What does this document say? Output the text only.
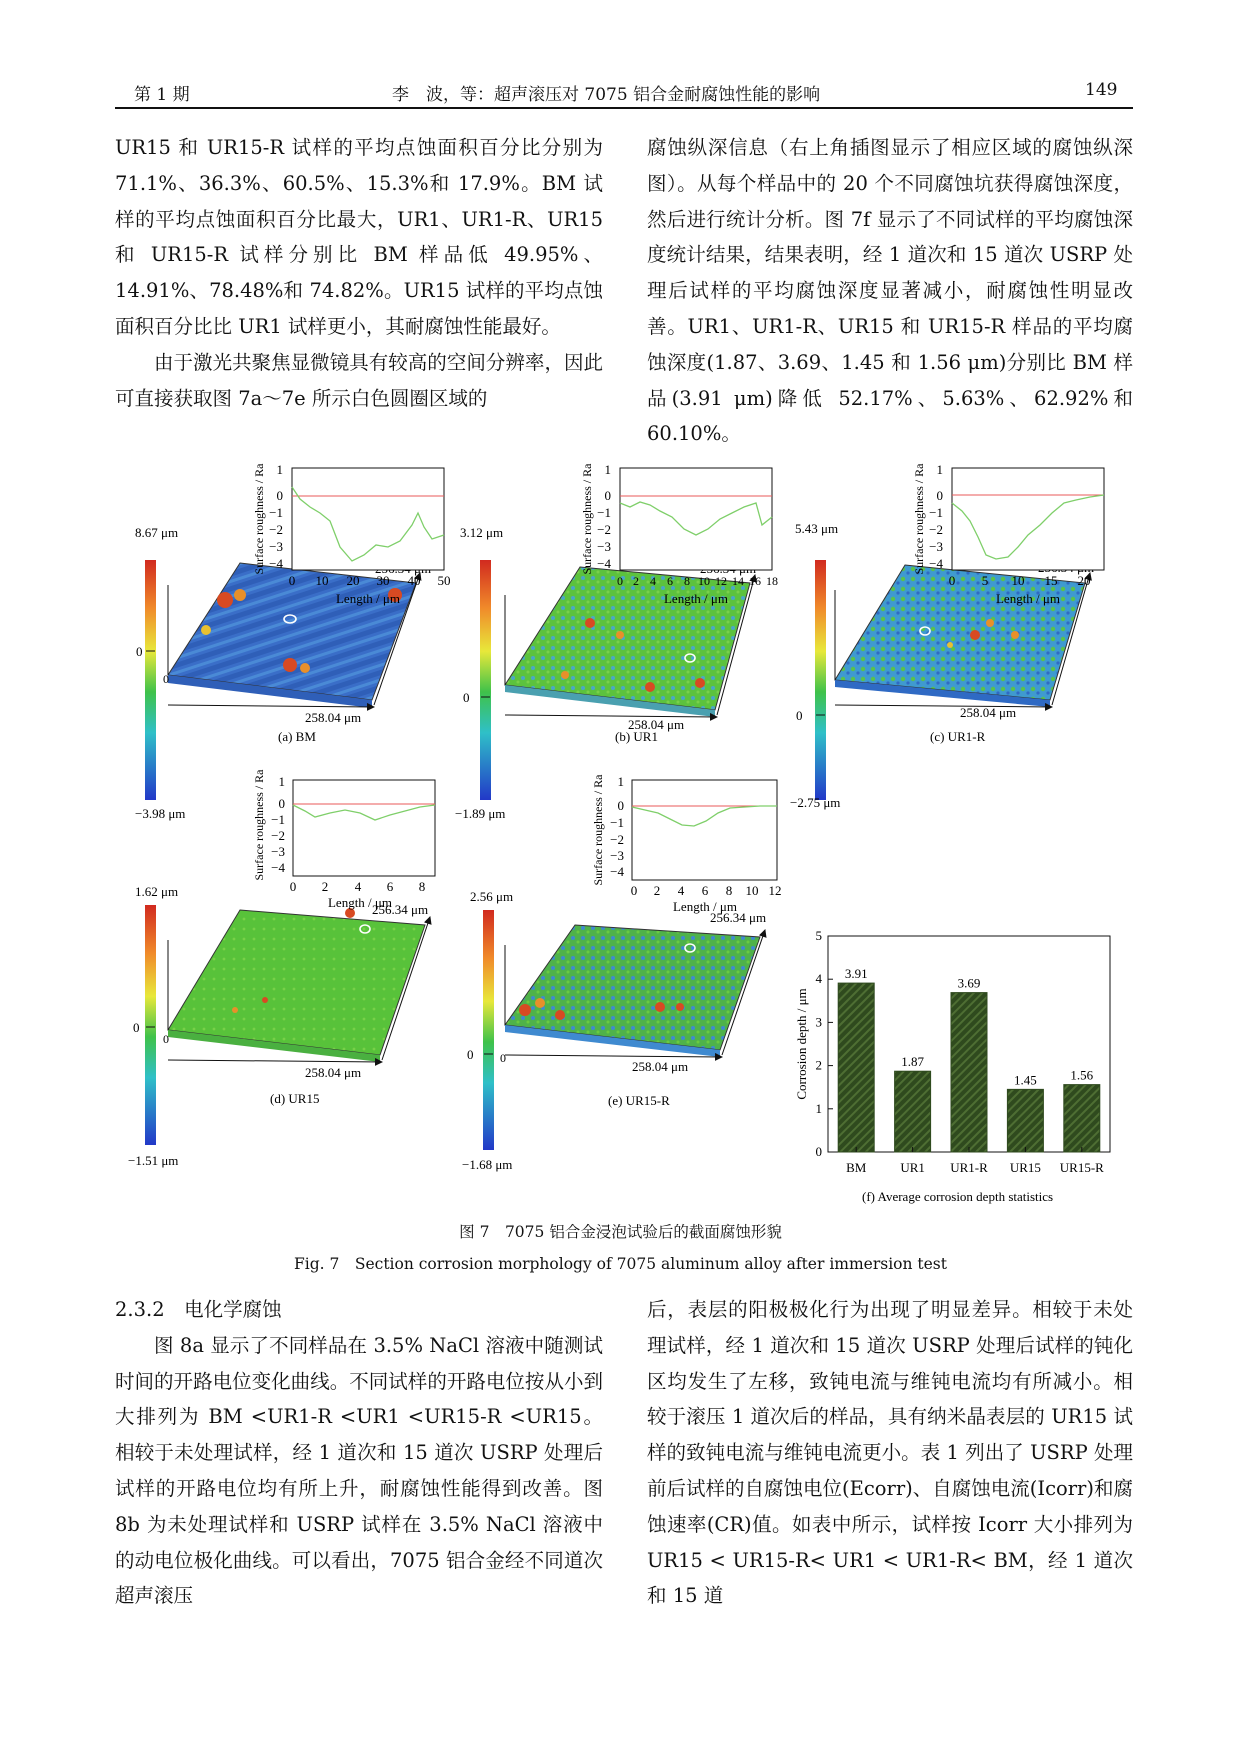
第 1 期	李　波，等：超声滚压对 7075 铝合金耐腐蚀性能的影响	149

UR15 和 UR15-R 试样的平均点蚀面积百分比分别为 71.1%、36.3%、60.5%、15.3%和 17.9%。BM 试样的平均点蚀面积百分比最大，UR1、UR1-R、UR15 和 UR15-R 试样分别比 BM 样品低 49.95%、14.91%、78.48%和 74.82%。UR15 试样的平均点蚀面积百分比比 UR1 试样更小，其耐腐蚀性能最好。

由于激光共聚焦显微镜具有较高的空间分辨率，因此可直接获取图 7a～7e 所示白色圆圈区域的

腐蚀纵深信息（右上角插图显示了相应区域的腐蚀纵深图）。从每个样品中的 20 个不同腐蚀坑获得腐蚀深度，然后进行统计分析。图 7f 显示了不同试样的平均腐蚀深度统计结果，结果表明，经 1 道次和 15 道次 USRP 处理后试样的平均腐蚀深度显著减小，耐腐蚀性明显改善。UR1、UR1-R、UR15 和 UR15-R 样品的平均腐蚀深度(1.87、3.69、1.45 和 1.56 μm)分别比 BM 样品(3.91 μm)降低 52.17%、5.63%、62.92%和 60.10%。

8.67 μm
−3.98 μm
0
0
258.04 μm
1
0
−1
−2
−3
−4
0 10 20 30 40 50
Length / μm
Surface roughness / Ra
(a) BM
3.12 μm
−1.89 μm
0
258.04 μm
1
0
−1
−2
−3
−4
0 2 4 6 8 10 12 14 16 18
Length / μm
Surface roughness / Ra
(b) UR1
5.43 μm
−2.75 μm
0	258.04 μm
1
0
−1
−2
−3
−4
0 5 10 15 20
Length / μm
Surface roughness / Ra
(c) UR1-R
1.62 μm
−1.51 μm
0
0
256.34 μm
258.04 μm
1
0
−1
−2
−3
−4
0 2 4 6 8
Length / μm
Surface roughness / Ra
(d) UR15
2.56 μm
−1.68 μm
0 0
256.34 μm
258.04 μm
1
0
−1
−2
−3
−4
0 2 4 6 8 10 12
Length / μm
Surface roughness / Ra
(e) UR15-R
0
1
2
3
4
5
3.91
1.87
3.69
1.45	1.56
BM	UR1 UR1-R UR15 UR15-R
Corrosion depth / μm
(f) Average corrosion depth statistics
图 7　7075 铝合金浸泡试验后的截面腐蚀形貌
Fig. 7　Section corrosion morphology of 7075 aluminum alloy after immersion test

2.3.2　电化学腐蚀

图 8a 显示了不同样品在 3.5% NaCl 溶液中随测试时间的开路电位变化曲线。不同试样的开路电位按从小到大排列为 BM <UR1-R <UR1 <UR15-R <UR15。相较于未处理试样，经 1 道次和 15 道次 USRP 处理后试样的开路电位均有所上升，耐腐蚀性能得到改善。图 8b 为未处理试样和 USRP 试样在 3.5% NaCl 溶液中的动电位极化曲线。可以看出，7075 铝合金经不同道次超声滚压

后，表层的阳极极化行为出现了明显差异。相较于未处理试样，经 1 道次和 15 道次 USRP 处理后试样的钝化区均发生了左移，致钝电流与维钝电流均有所减小。相较于滚压 1 道次后的样品，具有纳米晶表层的 UR15 试样的致钝电流与维钝电流更小。表 1 列出了 USRP 处理前后试样的自腐蚀电位(Ecorr)、自腐蚀电流(Icorr)和腐蚀速率(CR)值。如表中所示，试样按 Icorr 大小排列为 UR15 < UR15-R< UR1 < UR1-R< BM，经 1 道次和 15 道
